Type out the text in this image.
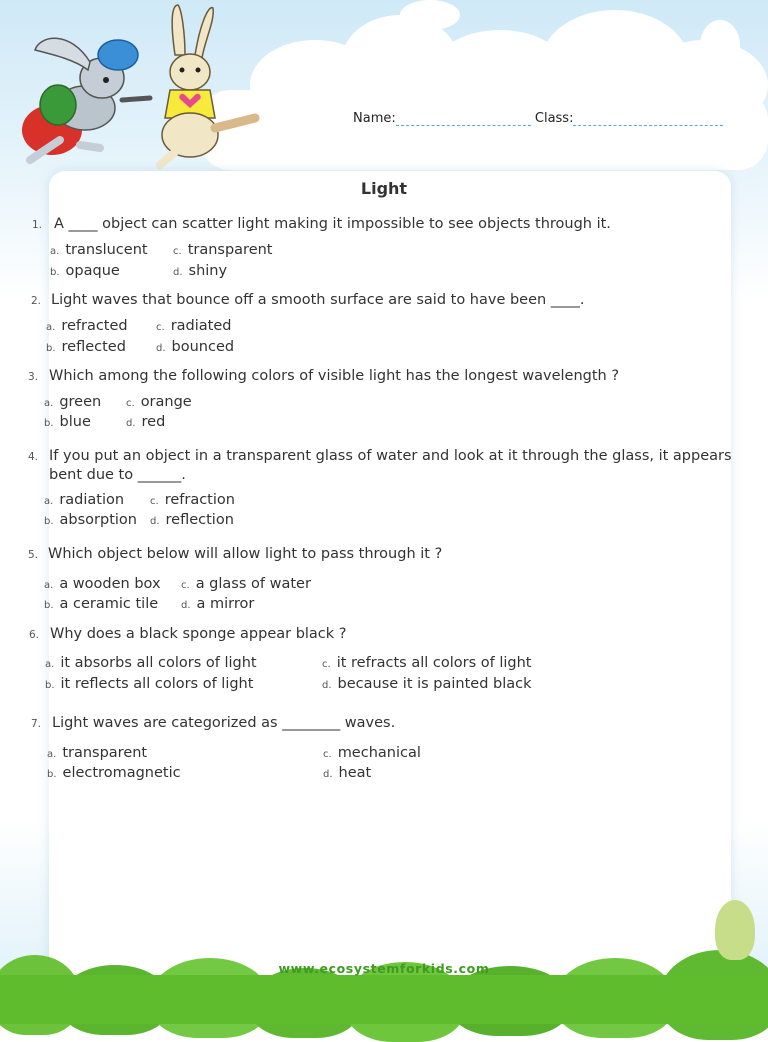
Name:	Class:
Light
1. A ____ object can scatter light making it impossible to see objects through it.
a. translucent
b. opaque
c. transparent
d. shiny
2. Light waves that bounce off a smooth surface are said to have been ____.
a. refracted
b. reflected
c. radiated
d. bounced
3. Which among the following colors of visible light has the longest wavelength ?
a. green
b. blue
c. orange
d. red
4. If you put an object in a transparent glass of water and look at it through the glass, it appears
bent due to ______.
a. radiation
b. absorption
c. refraction
d. reflection
5. Which object below will allow light to pass through it ?
a. a wooden box
b. a ceramic tile
c. a glass of water
d. a mirror
6. Why does a black sponge appear black ?
a. it absorbs all colors of light
b. it reflects all colors of light
c. it refracts all colors of light
d. because it is painted black
7. Light waves are categorized as ________ waves.
a. transparent
b. electromagnetic
c. mechanical
d. heat
www.ecosystemforkids.com
